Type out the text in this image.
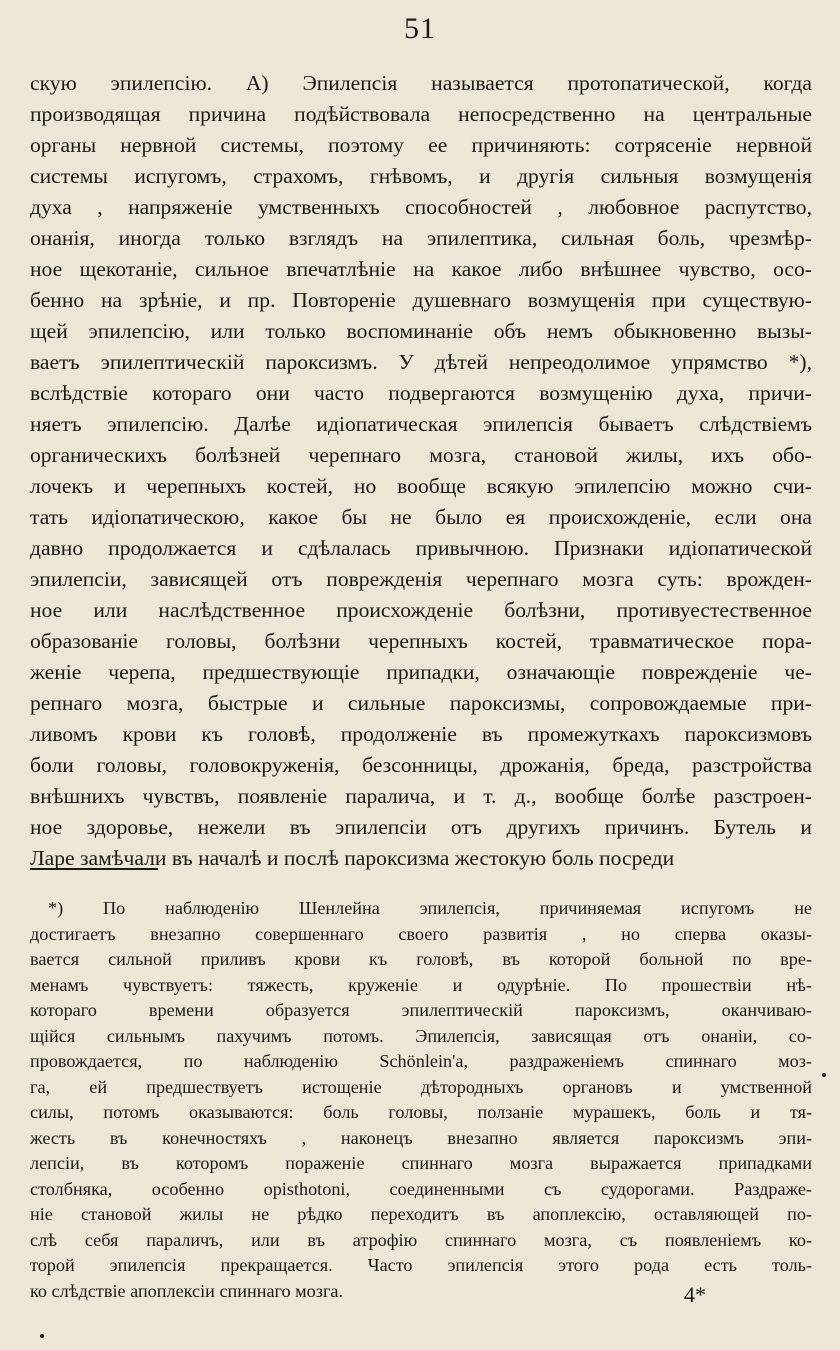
51
скую эпилепсію. А) Эпилепсія называется протопатической, когда
производящая причина подѣйствовала непосредственно на центральные
органы нервной системы, поэтому ее причиняють: сотрясеніе нервной
системы испугомъ, страхомъ, гнѣвомъ, и другія сильныя возмущенія
духа , напряженіе умственныхъ способностей , любовное распутство,
онанія, иногда только взглядъ на эпилептика, сильная боль, чрезмѣр-
ное щекотаніе, сильное впечатлѣніе на какое либо внѣшнее чувство, осо-
бенно на зрѣніе, и пр. Повтореніе душевнаго возмущенія при существую-
щей эпилепсію, или только воспоминаніе объ немъ обыкновенно вызы-
ваетъ эпилептическій пароксизмъ. У дѣтей непреодолимое упрямство *),
вслѣдствіе котораго они часто подвергаются возмущенію духа, причи-
няетъ эпилепсію. Далѣе идіопатическая эпилепсія бываетъ слѣдствіемъ
органическихъ болѣзней черепнаго мозга, становой жилы, ихъ обо-
лочекъ и черепныхъ костей, но вообще всякую эпилепсію можно счи-
тать идіопатическою, какое бы не было ея происхожденіе, если она
давно продолжается и сдѣлалась привычною. Признаки идіопатической
эпилепсіи, зависящей отъ поврежденія черепнаго мозга суть: врожден-
ное или наслѣдственное происхожденіе болѣзни, противуестественное
образованіе головы, болѣзни черепныхъ костей, травматическое пора-
женіе черепа, предшествующіе припадки, означающіе поврежденіе че-
репнаго мозга, быстрые и сильные пароксизмы, сопровождаемые при-
ливомъ крови къ головѣ, продолженіе въ промежуткахъ пароксизмовъ
боли головы, головокруженія, безсонницы, дрожанія, бреда, разстройства
внѣшнихъ чувствъ, появленіе паралича, и т. д., вообще болѣе разстроен-
ное здоровье, нежели въ эпилепсіи отъ другихъ причинъ. Бутель и
Ларе замѣчали въ началѣ и послѣ пароксизма жестокую боль посреди
*) По наблюденію Шенлейна эпилепсія, причиняемая испугомъ не
достигаетъ внезапно совершеннаго своего развитія , но сперва оказы-
вается сильной приливъ крови къ головѣ, въ которой больной по вре-
менамъ чувствуетъ: тяжесть, круженіе и одурѣніе. По прошествіи нѣ-
котораго времени образуется эпилептическій пароксизмъ, оканчиваю-
щійся сильнымъ пахучимъ потомъ. Эпилепсія, зависящая отъ онаніи, со-
провождается, по наблюденію Schönlein'а, раздраженіемъ спиннаго моз-
га, ей предшествуетъ истощеніе дѣтородныхъ органовъ и умственной
силы, потомъ оказываются: боль головы, ползаніе мурашекъ, боль и тя-
жесть въ конечностяхъ , наконецъ внезапно является пароксизмъ эпи-
лепсіи, въ которомъ пораженіе спиннаго мозга выражается припадками
столбняка, особенно opisthotoni, соединенными съ судорогами. Раздраже-
ніе становой жилы не рѣдко переходитъ въ апоплексію, оставляющей по-
слѣ себя параличъ, или въ атрофію спиннаго мозга, съ появленіемъ ко-
торой эпилепсія прекращается. Часто эпилепсія этого рода есть толь-
ко слѣдствіе апоплексіи спиннаго мозга.	4*
